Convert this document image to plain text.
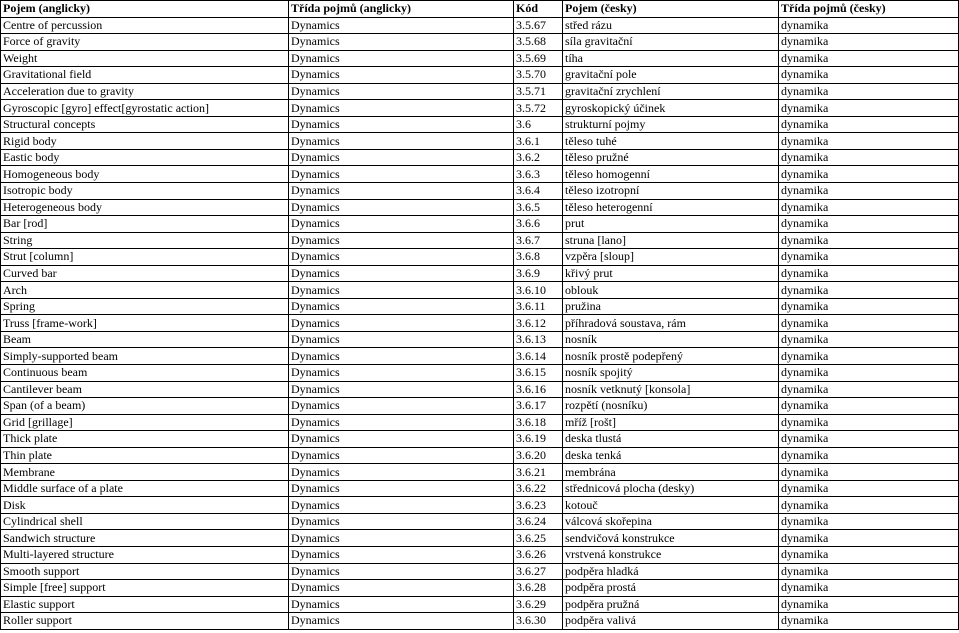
Pojem (anglicky)	Třída pojmů (anglicky)	Kód	Pojem (česky)	Třída pojmů (česky)
Centre of percussion	Dynamics	3.5.67	střed rázu	dynamika
Force of gravity	Dynamics	3.5.68	síla gravitační	dynamika
Weight	Dynamics	3.5.69	tíha	dynamika
Gravitational field	Dynamics	3.5.70	gravitační pole	dynamika
Acceleration due to gravity	Dynamics	3.5.71	gravitační zrychlení	dynamika
Gyroscopic [gyro] effect[gyrostatic action]	Dynamics	3.5.72	gyroskopický účinek	dynamika
Structural concepts	Dynamics	3.6	strukturní pojmy	dynamika
Rigid body	Dynamics	3.6.1	těleso tuhé	dynamika
Eastic body	Dynamics	3.6.2	těleso pružné	dynamika
Homogeneous body	Dynamics	3.6.3	těleso homogenní	dynamika
Isotropic body	Dynamics	3.6.4	těleso izotropní	dynamika
Heterogeneous body	Dynamics	3.6.5	těleso heterogenní	dynamika
Bar [rod]	Dynamics	3.6.6	prut	dynamika
String	Dynamics	3.6.7	struna [lano]	dynamika
Strut [column]	Dynamics	3.6.8	vzpěra [sloup]	dynamika
Curved bar	Dynamics	3.6.9	křivý prut	dynamika
Arch	Dynamics	3.6.10	oblouk	dynamika
Spring	Dynamics	3.6.11	pružina	dynamika
Truss [frame-work]	Dynamics	3.6.12	příhradová soustava, rám	dynamika
Beam	Dynamics	3.6.13	nosník	dynamika
Simply-supported beam	Dynamics	3.6.14	nosník prostě podepřený	dynamika
Continuous beam	Dynamics	3.6.15	nosník spojitý	dynamika
Cantilever beam	Dynamics	3.6.16	nosník vetknutý [konsola]	dynamika
Span (of a beam)	Dynamics	3.6.17	rozpětí (nosníku)	dynamika
Grid [grillage]	Dynamics	3.6.18	mříž [rošt]	dynamika
Thick plate	Dynamics	3.6.19	deska tlustá	dynamika
Thin plate	Dynamics	3.6.20	deska tenká	dynamika
Membrane	Dynamics	3.6.21	membrána	dynamika
Middle surface of a plate	Dynamics	3.6.22	střednicová plocha (desky)	dynamika
Disk	Dynamics	3.6.23	kotouč	dynamika
Cylindrical shell	Dynamics	3.6.24	válcová skořepina	dynamika
Sandwich structure	Dynamics	3.6.25	sendvičová konstrukce	dynamika
Multi-layered structure	Dynamics	3.6.26	vrstvená konstrukce	dynamika
Smooth support	Dynamics	3.6.27	podpěra hladká	dynamika
Simple [free] support	Dynamics	3.6.28	podpěra prostá	dynamika
Elastic support	Dynamics	3.6.29	podpěra pružná	dynamika
Roller support	Dynamics	3.6.30	podpěra valivá	dynamika
